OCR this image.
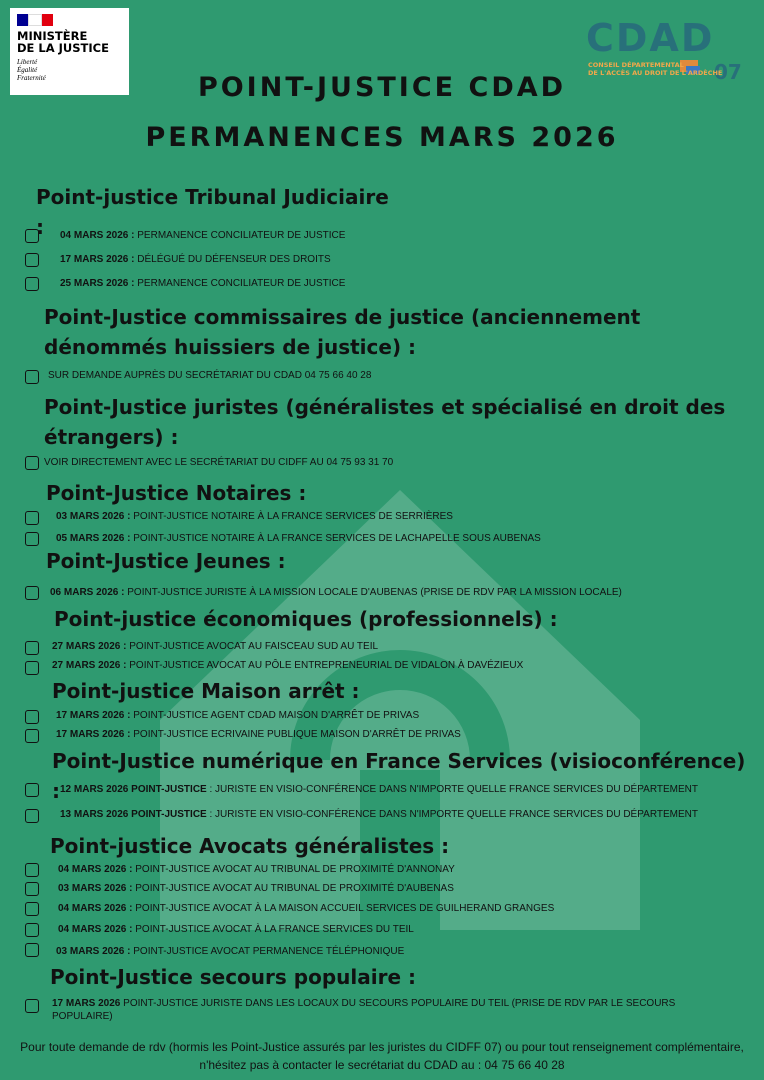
MINISTÈRE
DE LA JUSTICE
Liberté
Égalité
Fraternité
CDAD
07
CONSEIL DÉPARTEMENTAL
DE L'ACCÈS AU DROIT DE L'ARDÈCHE
POINT-JUSTICE CDAD
PERMANENCES MARS 2026
Point-justice Tribunal Judiciaire :	04 MARS 2026 : PERMANENCE CONCILIATEUR DE JUSTICE
17 MARS 2026 : DÉLÉGUÉ DU DÉFENSEUR DES DROITS
25 MARS 2026 : PERMANENCE CONCILIATEUR DE JUSTICE
Point-Justice commissaires de justice (anciennement dénommés huissiers de justice) :
SUR DEMANDE AUPRÈS DU SECRÉTARIAT DU CDAD 04 75 66 40 28
Point-Justice juristes (généralistes et spécialisé en droit des étrangers) :
VOIR DIRECTEMENT AVEC LE SECRÉTARIAT DU CIDFF AU 04 75 93 31 70
Point-Justice Notaires :
03 MARS 2026 : POINT-JUSTICE NOTAIRE À LA FRANCE SERVICES DE SERRIÈRES
05 MARS 2026 : POINT-JUSTICE NOTAIRE À LA FRANCE SERVICES DE LACHAPELLE SOUS AUBENAS
Point-Justice Jeunes :
06 MARS 2026 : POINT-JUSTICE JURISTE À LA MISSION LOCALE D'AUBENAS (PRISE DE RDV PAR LA MISSION LOCALE)
Point-justice économiques (professionnels) :
27 MARS 2026 : POINT-JUSTICE AVOCAT AU FAISCEAU SUD AU TEIL
27 MARS 2026 : POINT-JUSTICE AVOCAT AU PÔLE ENTREPRENEURIAL DE VIDALON À DAVÉZIEUX
Point-justice Maison arrêt :
17 MARS 2026 : POINT-JUSTICE AGENT CDAD MAISON D'ARRÊT DE PRIVAS
17 MARS 2026 : POINT-JUSTICE ECRIVAINE PUBLIQUE MAISON D'ARRÊT DE PRIVAS
Point-Justice numérique en France Services (visioconférence) : 12 MARS 2026 POINT-JUSTICE : JURISTE EN VISIO-CONFÉRENCE DANS N'IMPORTE QUELLE FRANCE SERVICES DU DÉPARTEMENT
13 MARS 2026 POINT-JUSTICE : JURISTE EN VISIO-CONFÉRENCE DANS N'IMPORTE QUELLE FRANCE SERVICES DU DÉPARTEMENT
Point-justice Avocats généralistes :
04 MARS 2026 : POINT-JUSTICE AVOCAT AU TRIBUNAL DE PROXIMITÉ D'ANNONAY
03 MARS 2026 : POINT-JUSTICE AVOCAT AU TRIBUNAL DE PROXIMITÉ D'AUBENAS
04 MARS 2026 : POINT-JUSTICE AVOCAT À LA MAISON ACCUEIL SERVICES DE GUILHERAND GRANGES
04 MARS 2026 : POINT-JUSTICE AVOCAT À LA FRANCE SERVICES DU TEIL
03 MARS 2026 : POINT-JUSTICE AVOCAT PERMANENCE TÉLÉPHONIQUE
Point-Justice secours populaire :
17 MARS 2026 POINT-JUSTICE JURISTE DANS LES LOCAUX DU SECOURS POPULAIRE DU TEIL (PRISE DE RDV PAR LE SECOURS POPULAIRE)
Pour toute demande de rdv (hormis les Point-Justice assurés par les juristes du CIDFF 07) ou pour tout renseignement complémentaire, n'hésitez pas à contacter le secrétariat du CDAD au : 04 75 66 40 28
